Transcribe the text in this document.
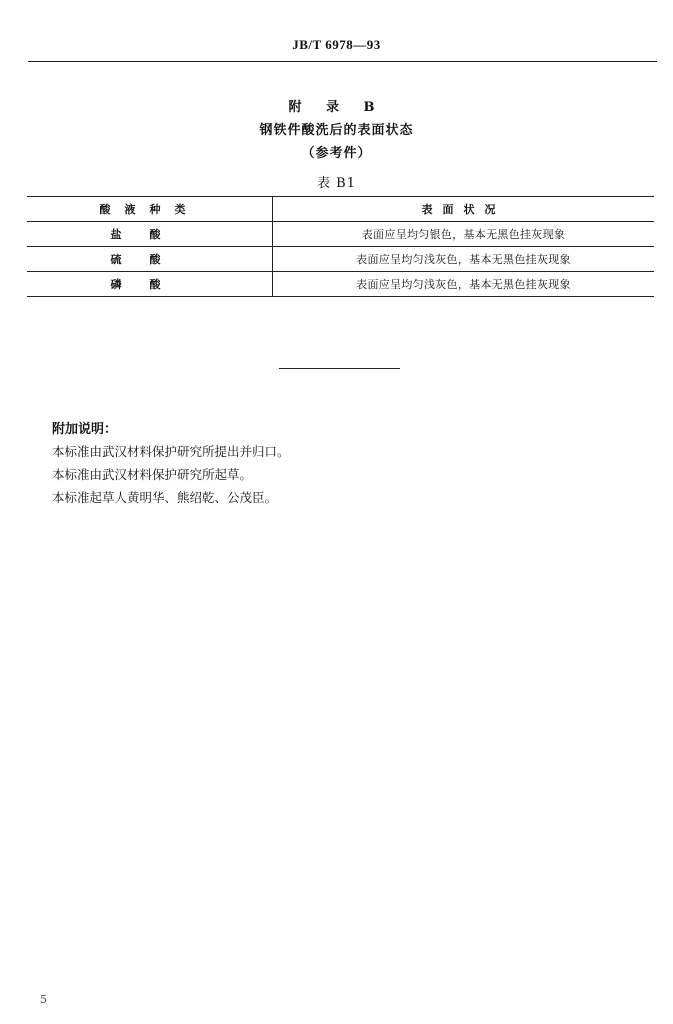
JB/T 6978—93
附 录 B
钢铁件酸洗后的表面状态
（参考件）
表 B1
酸液种类	表面状况
盐酸	表面应呈均匀银色，基本无黑色挂灰现象
硫酸	表面应呈均匀浅灰色，基本无黑色挂灰现象
磷酸	表面应呈均匀浅灰色，基本无黑色挂灰现象
附加说明：
本标准由武汉材料保护研究所提出并归口。
本标准由武汉材料保护研究所起草。
本标准起草人黄明华、熊绍乾、公茂臣。
5
